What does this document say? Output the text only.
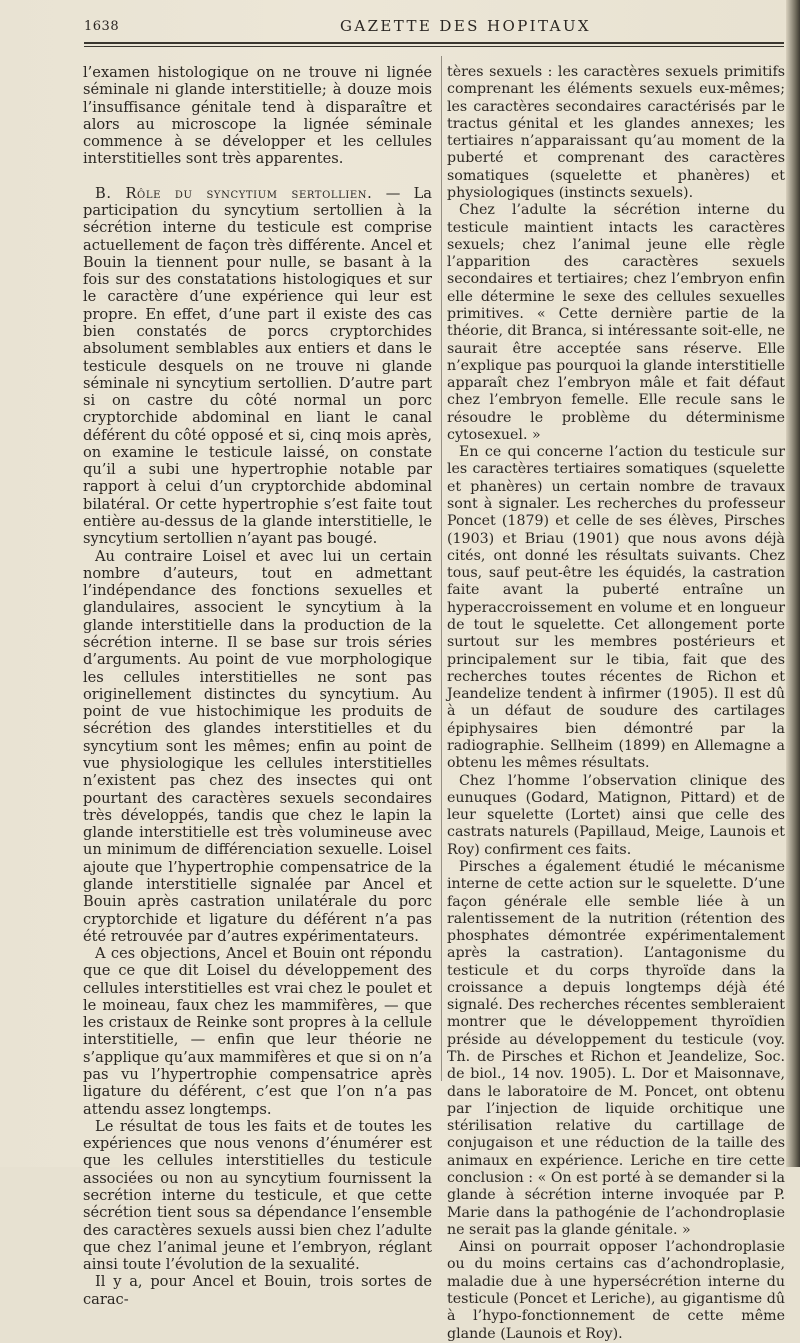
1638	GAZETTE DES HOPITAUX

l’examen histologique on ne trouve ni lignée séminale ni glande interstitielle; à douze mois l’insuffisance génitale tend à disparaître et alors au microscope la lignée séminale commence à se développer et les cellules interstitielles sont très apparentes.

B. Rôle du syncytium sertollien. — La participation du syncytium sertollien à la sécrétion interne du testicule est comprise actuellement de façon très différente. Ancel et Bouin la tiennent pour nulle, se basant à la fois sur des constatations histologiques et sur le caractère d’une expérience qui leur est propre. En effet, d’une part il existe des cas bien constatés de porcs cryptorchides absolument semblables aux entiers et dans le testicule desquels on ne trouve ni glande séminale ni syncytium sertollien. D’autre part si on castre du côté normal un porc cryptorchide abdominal en liant le canal déférent du côté opposé et si, cinq mois après, on examine le testicule laissé, on constate qu’il a subi une hypertrophie notable par rapport à celui d’un cryptorchide abdominal bilatéral. Or cette hypertrophie s’est faite tout entière au-dessus de la glande interstitielle, le syncytium sertollien n’ayant pas bougé.

Au contraire Loisel et avec lui un certain nombre d’auteurs, tout en admettant l’indépendance des fonctions sexuelles et glandulaires, associent le syncytium à la glande interstitielle dans la production de la sécrétion interne. Il se base sur trois séries d’arguments. Au point de vue morphologique les cellules interstitielles ne sont pas originellement distinctes du syncytium. Au point de vue histochimique les produits de sécrétion des glandes interstitielles et du syncytium sont les mêmes; enfin au point de vue physiologique les cellules interstitielles n’existent pas chez des insectes qui ont pourtant des caractères sexuels secondaires très développés, tandis que chez le lapin la glande interstitielle est très volumineuse avec un minimum de différenciation sexuelle. Loisel ajoute que l’hypertrophie compensatrice de la glande interstitielle signalée par Ancel et Bouin après castration unilatérale du porc cryptorchide et ligature du déférent n’a pas été retrouvée par d’autres expérimentateurs.

A ces objections, Ancel et Bouin ont répondu que ce que dit Loisel du développement des cellules interstitielles est vrai chez le poulet et le moineau, faux chez les mammifères, — que les cristaux de Reinke sont propres à la cellule interstitielle, — enfin que leur théorie ne s’applique qu’aux mammifères et que si on n’a pas vu l’hypertrophie compensatrice après ligature du déférent, c’est que l’on n’a pas attendu assez longtemps.

Le résultat de tous les faits et de toutes les expériences que nous venons d’énumérer est que les cellules interstitielles du testicule associées ou non au syncytium fournissent la secrétion interne du testicule, et que cette sécrétion tient sous sa dépendance l’ensemble des caractères sexuels aussi bien chez l’adulte que chez l’animal jeune et l’embryon, réglant ainsi toute l’évolution de la sexualité.

Il y a, pour Ancel et Bouin, trois sortes de carac-

tères sexuels : les caractères sexuels primitifs comprenant les éléments sexuels eux-mêmes; les caractères secondaires caractérisés par le tractus génital et les glandes annexes; les tertiaires n’apparaissant qu’au moment de la puberté et comprenant des caractères somatiques (squelette et phanères) et physiologiques (instincts sexuels).

Chez l’adulte la sécrétion interne du testicule maintient intacts les caractères sexuels; chez l’animal jeune elle règle l’apparition des caractères sexuels secondaires et tertiaires; chez l’embryon enfin elle détermine le sexe des cellules sexuelles primitives. « Cette dernière partie de la théorie, dit Branca, si intéressante soit-elle, ne saurait être acceptée sans réserve. Elle n’explique pas pourquoi la glande interstitielle apparaît chez l’embryon mâle et fait défaut chez l’embryon femelle. Elle recule sans le résoudre le problème du déterminisme cytosexuel. »

En ce qui concerne l’action du testicule sur les caractères tertiaires somatiques (squelette et phanères) un certain nombre de travaux sont à signaler. Les recherches du professeur Poncet (1879) et celle de ses élèves, Pirsches (1903) et Briau (1901) que nous avons déjà cités, ont donné les résultats suivants. Chez tous, sauf peut-être les équidés, la castration faite avant la puberté entraîne un hyperaccroissement en volume et en longueur de tout le squelette. Cet allongement porte surtout sur les membres postérieurs et principalement sur le tibia, fait que des recherches toutes récentes de Richon et Jeandelize tendent à infirmer (1905). Il est dû à un défaut de soudure des cartilages épiphysaires bien démontré par la radiographie. Sellheim (1899) en Allemagne a obtenu les mêmes résultats.

Chez l’homme l’observation clinique des eunuques (Godard, Matignon, Pittard) et de leur squelette (Lortet) ainsi que celle des castrats naturels (Papillaud, Meige, Launois et Roy) confirment ces faits.

Pirsches a également étudié le mécanisme interne de cette action sur le squelette. D’une façon générale elle semble liée à un ralentissement de la nutrition (rétention des phosphates démontrée expérimentalement après la castration). L’antagonisme du testicule et du corps thyroïde dans la croissance a depuis longtemps déjà été signalé. Des recherches récentes sembleraient montrer que le développement thyroïdien préside au développement du testicule (voy. Th. de Pirsches et Richon et Jeandelize, Soc. de biol., 14 nov. 1905). L. Dor et Maisonnave, dans le laboratoire de M. Poncet, ont obtenu par l’injection de liquide orchitique une stérilisation relative du cartillage de conjugaison et une réduction de la taille des animaux en expérience. Leriche en tire cette conclusion : « On est porté à se demander si la glande à sécrétion interne invoquée par P. Marie dans la pathogénie de l’achondroplasie ne serait pas la glande génitale. »

Ainsi on pourrait opposer l’achondroplasie ou du moins certains cas d’achondroplasie, maladie due à une hypersécrétion interne du testicule (Poncet et Leriche), au gigantisme dû à l’hypo-fonctionnement de cette même glande (Launois et Roy).
